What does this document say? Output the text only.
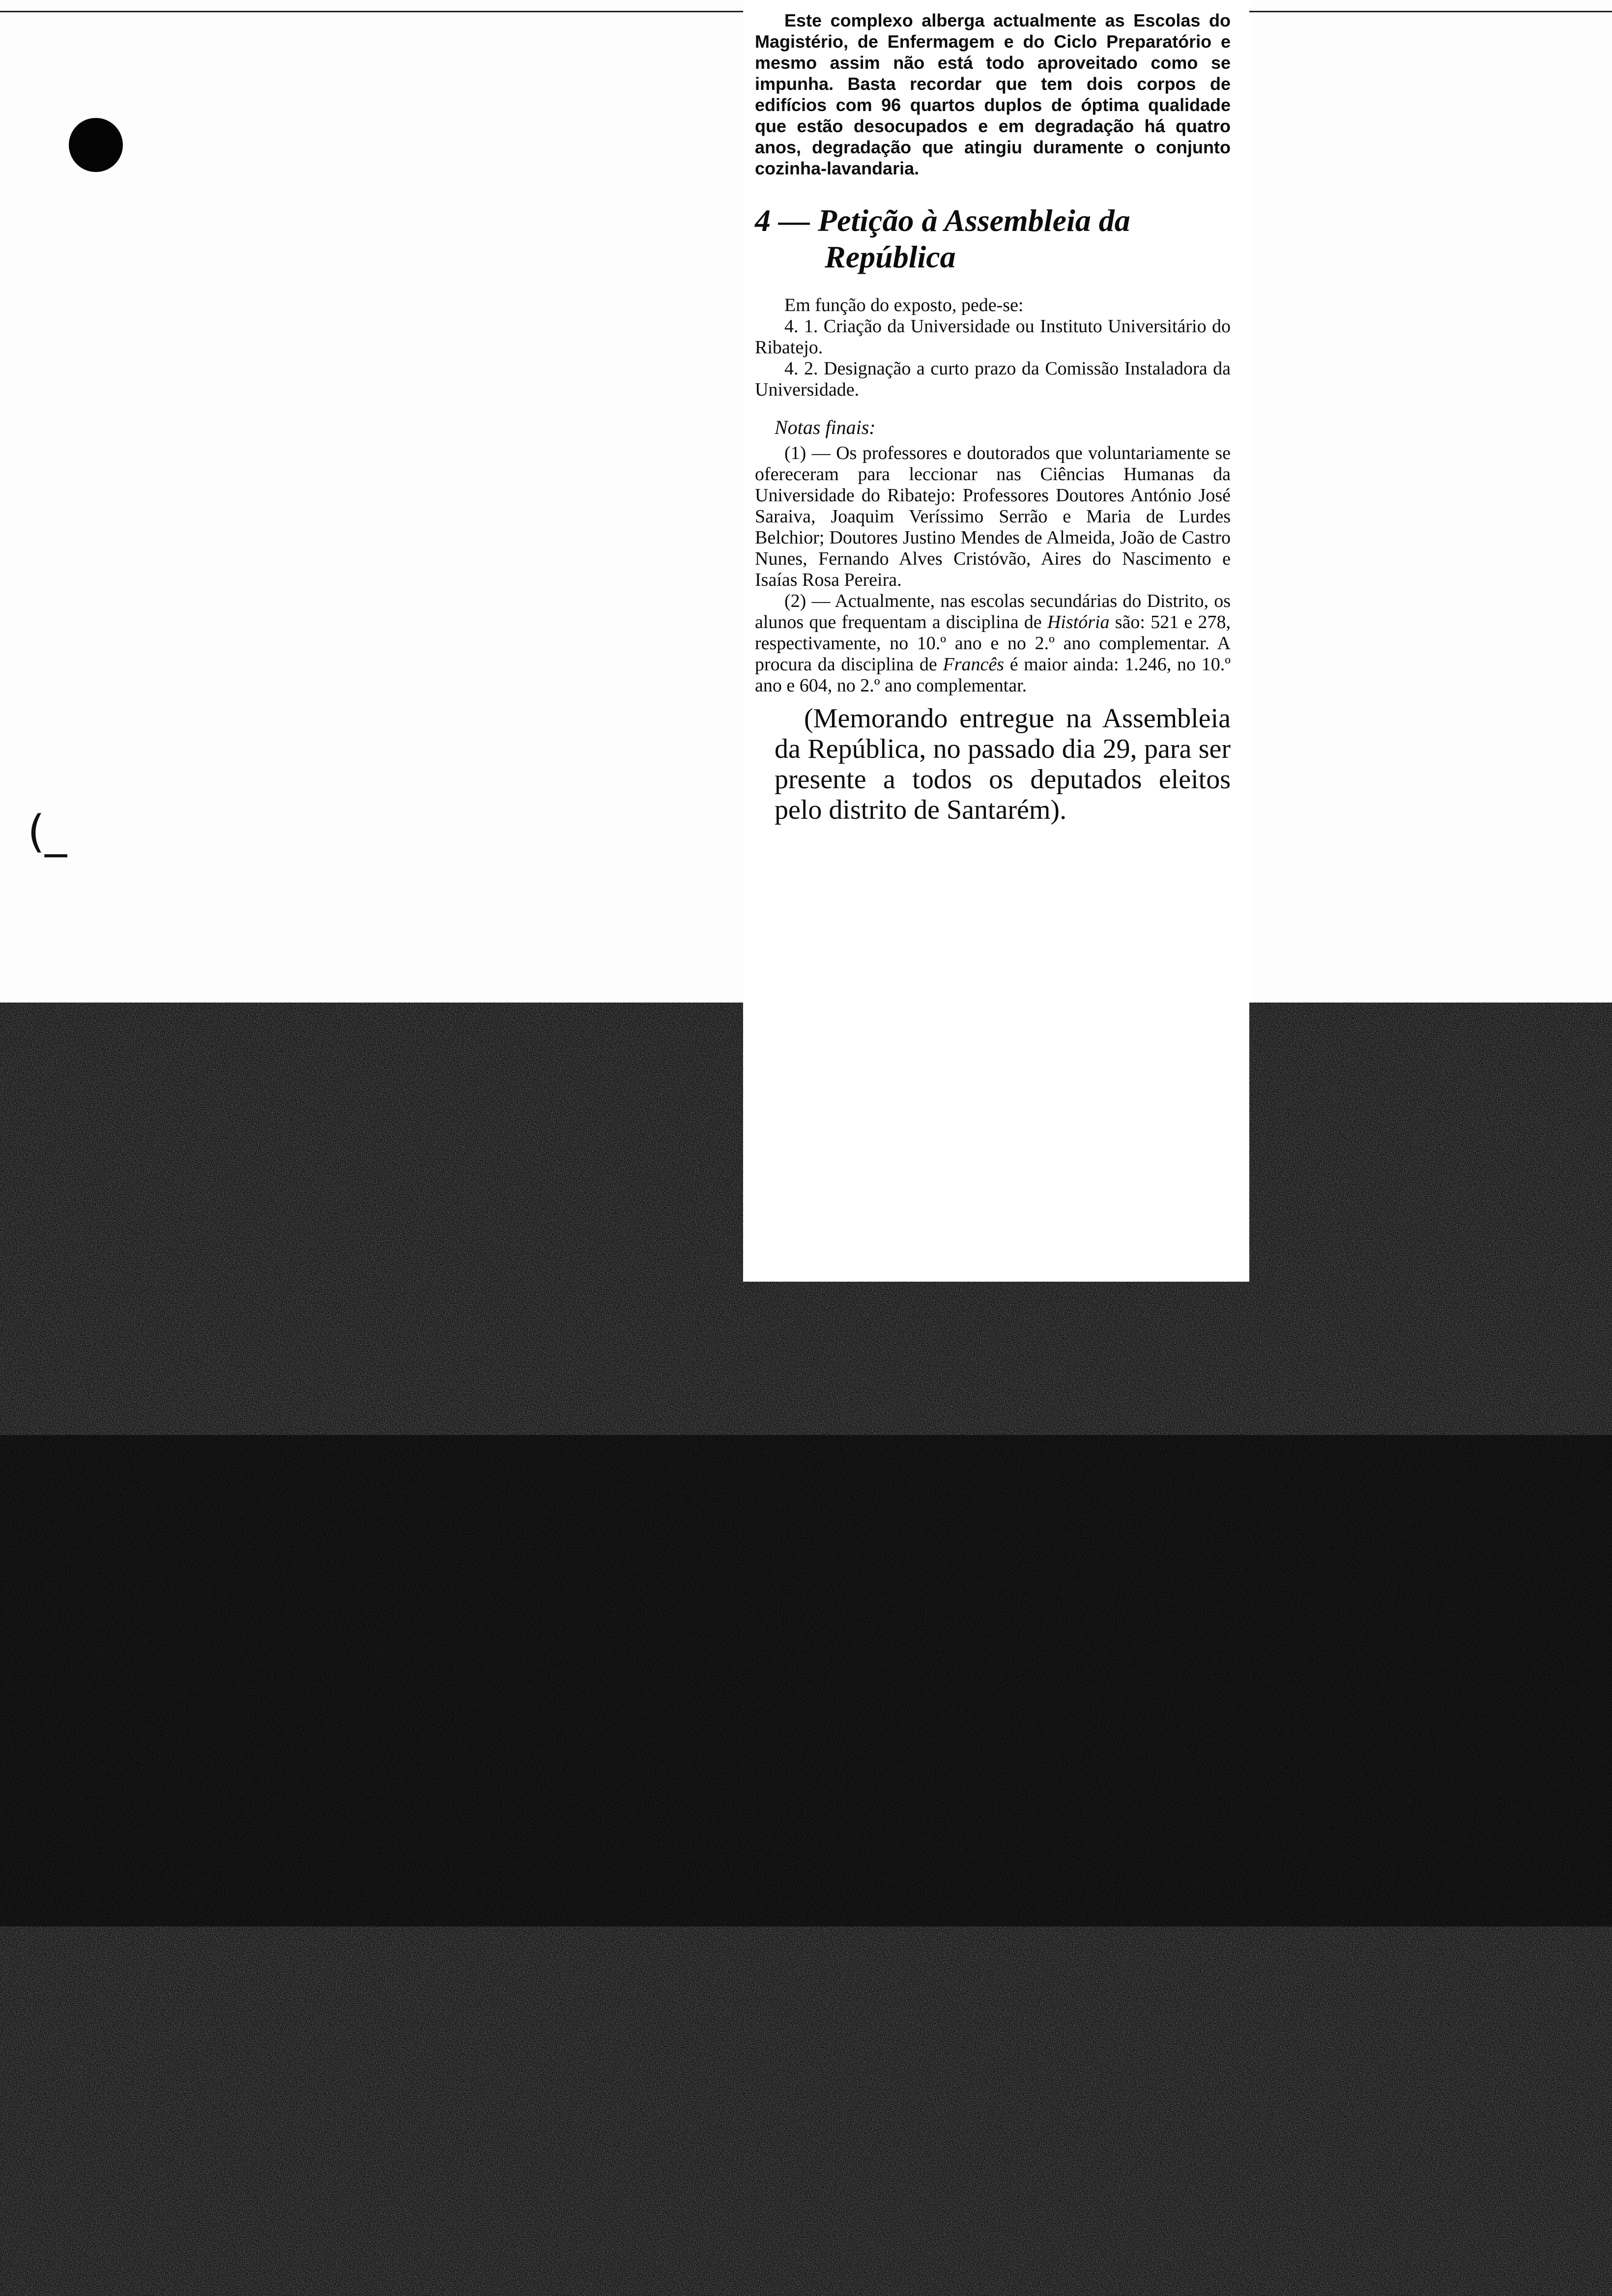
(_

Este complexo alberga actualmente as Escolas do Magistério, de Enfermagem e do Ciclo Preparatório e mesmo assim não está todo aproveitado como se impunha. Basta recordar que tem dois corpos de edifícios com 96 quartos duplos de óptima qualidade que estão desocupados e em degradação há quatro anos, degradação que atingiu duramente o conjunto cozinha-lavandaria.

4 — Petição à Assembleia da
República

Em função do exposto, pede-se:

4. 1. Criação da Universidade ou Instituto Universitário do Ribatejo.

4. 2. Designação a curto prazo da Comissão Instaladora da Universidade.

Notas finais:

(1) — Os professores e doutorados que voluntariamente se ofereceram para leccionar nas Ciências Humanas da Universidade do Ribatejo: Professores Doutores António José Saraiva, Joaquim Veríssimo Serrão e Maria de Lurdes Belchior; Doutores Justino Mendes de Almeida, João de Castro Nunes, Fernando Alves Cristóvão, Aires do Nascimento e Isaías Rosa Pereira.

(2) — Actualmente, nas escolas secundárias do Distrito, os alunos que frequentam a disciplina de História são: 521 e 278, respectivamente, no 10.º ano e no 2.º ano complementar. A procura da disciplina de Francês é maior ainda: 1.246, no 10.º ano e 604, no 2.º ano complementar.

(Memorando entregue na Assembleia da República, no passado dia 29, para ser presente a todos os deputados eleitos pelo distrito de Santarém).
